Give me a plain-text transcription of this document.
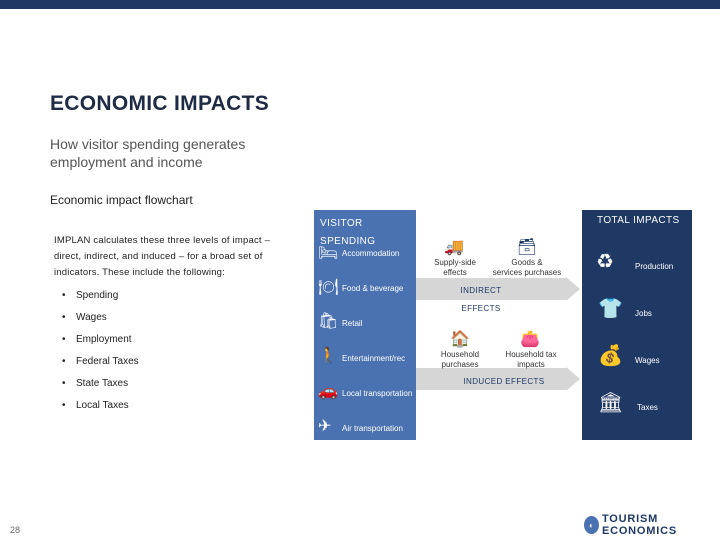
ECONOMIC IMPACTS
How visitor spending generates
employment and income
Economic impact flowchart
IMPLAN calculates these three levels of impact –
direct, indirect, and induced – for a broad set of
indicators. These include the following:
• Spending
• Wages
• Employment
• Federal Taxes
• State Taxes
• Local Taxes
VISITOR
SPENDING
🛏 Accommodation
🍽 Food & beverage
🛍 Retail
🚶 Entertainment/rec
🚗 Local transportation
✈ Air transportation
🚚
Supply-side
effects
🗃
Goods &
services purchases
INDIRECT
EFFECTS
🏠
Household
purchases
👛
Household tax
impacts
INDUCED EFFECTS
TOTAL IMPACTS
♻	Production
👕 Jobs
💰 Wages
🏛 Taxes
28	◐ TOURISM ECONOMICS
